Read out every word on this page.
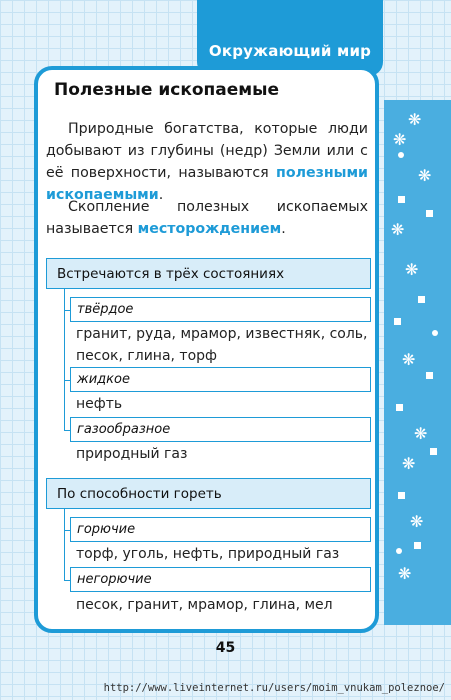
❋
❋
❋
❋
❋
❋
❋
❋
❋
❋
Окружающий мир
Полезные ископаемые
Природные богатства, которые люди добывают из глубины (недр) Земли или с её поверхности, называются полезными ископаемыми.
Скопление полезных ископаемых называется месторождением.
Встречаются в трёх состояниях
твёрдое
гранит, руда, мрамор, известняк, соль, песок, глина, торф
жидкое
нефть
газообразное
природный газ
По способности гореть
горючие
торф, уголь, нефть, природный газ
негорючие
песок, гранит, мрамор, глина, мел
45
http://www.liveinternet.ru/users/moim_vnukam_poleznoe/
